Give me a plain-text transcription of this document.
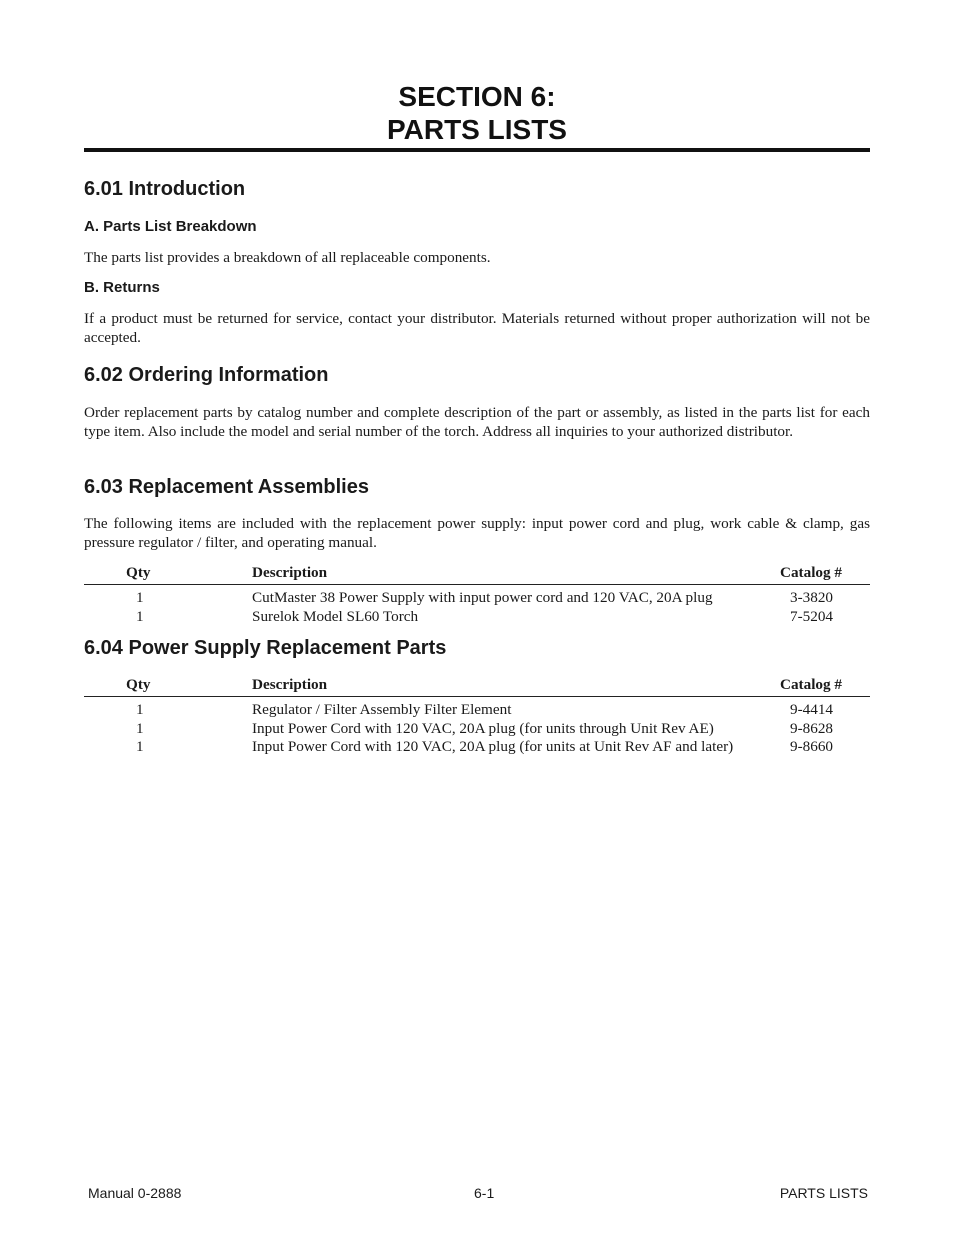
SECTION 6:
PARTS LISTS
6.01 Introduction
A. Parts List Breakdown
The parts list provides a breakdown of all replaceable components.
B. Returns
If a product must be returned for service, contact your distributor. Materials returned without proper authorization will not be accepted.
6.02 Ordering Information
Order replacement parts by catalog number and complete description of the part or assembly, as listed in the parts list for each type item. Also include the model and serial number of the torch. Address all inquiries to your authorized distributor.
6.03 Replacement Assemblies
The following items are included with the replacement power supply: input power cord and plug, work cable & clamp, gas pressure regulator / filter, and operating manual.
Qty	Description	Catalog #
1	CutMaster 38 Power Supply with input power cord and 120 VAC, 20A plug	3-3820
1	Surelok Model SL60 Torch	7-5204
6.04 Power Supply Replacement Parts
Qty	Description	Catalog #
1	Regulator / Filter Assembly Filter Element	9-4414
1	Input Power Cord with 120 VAC, 20A plug (for units through Unit Rev AE)	9-8628
1	Input Power Cord with 120 VAC, 20A plug (for units at Unit Rev AF and later)	9-8660
Manual 0-2888	6-1	PARTS LISTS
